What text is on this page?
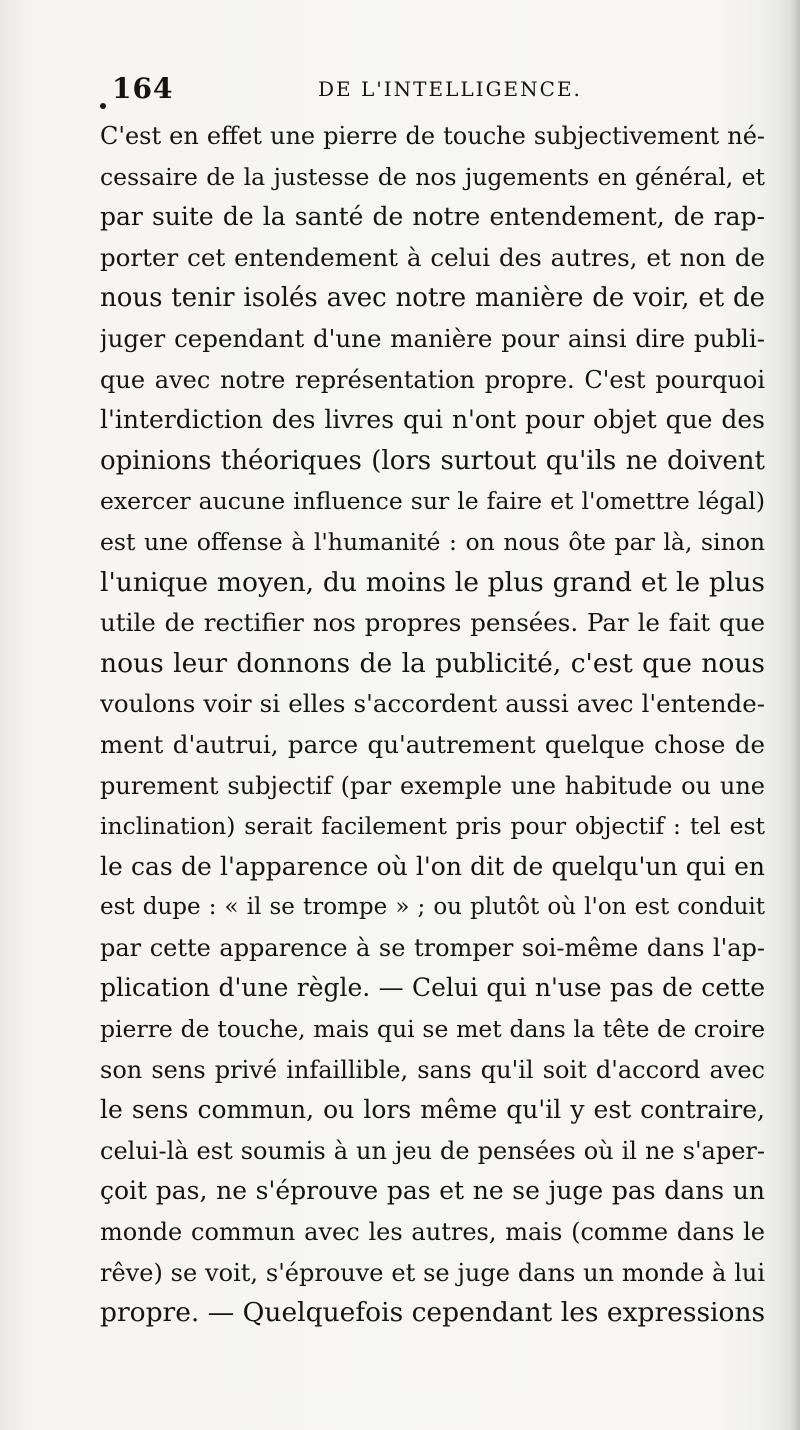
164	DE L'INTELLIGENCE.
C'est en effet une pierre de touche subjectivement né-
cessaire de la justesse de nos jugements en général, et
par suite de la santé de notre entendement, de rap-
porter cet entendement à celui des autres, et non de
nous tenir isolés avec notre manière de voir, et de
juger cependant d'une manière pour ainsi dire publi-
que avec notre représentation propre. C'est pourquoi
l'interdiction des livres qui n'ont pour objet que des
opinions théoriques (lors surtout qu'ils ne doivent
exercer aucune influence sur le faire et l'omettre légal)
est une offense à l'humanité : on nous ôte par là, sinon
l'unique moyen, du moins le plus grand et le plus
utile de rectifier nos propres pensées. Par le fait que
nous leur donnons de la publicité, c'est que nous
voulons voir si elles s'accordent aussi avec l'entende-
ment d'autrui, parce qu'autrement quelque chose de
purement subjectif (par exemple une habitude ou une
inclination) serait facilement pris pour objectif : tel est
le cas de l'apparence où l'on dit de quelqu'un qui en
est dupe : « il se trompe » ; ou plutôt où l'on est conduit
par cette apparence à se tromper soi-même dans l'ap-
plication d'une règle. — Celui qui n'use pas de cette
pierre de touche, mais qui se met dans la tête de croire
son sens privé infaillible, sans qu'il soit d'accord avec
le sens commun, ou lors même qu'il y est contraire,
celui-là est soumis à un jeu de pensées où il ne s'aper-
çoit pas, ne s'éprouve pas et ne se juge pas dans un
monde commun avec les autres, mais (comme dans le
rêve) se voit, s'éprouve et se juge dans un monde à lui
propre. — Quelquefois cependant les expressions
